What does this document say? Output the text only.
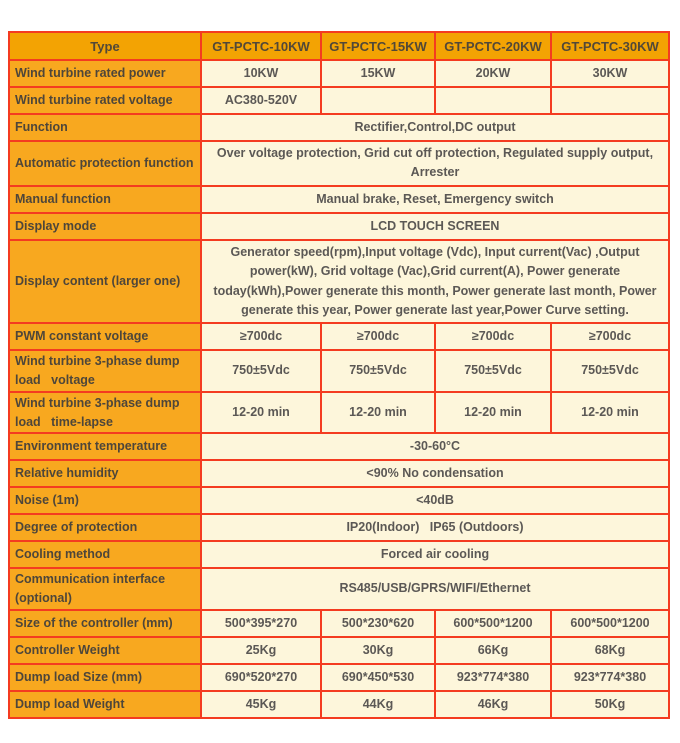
Type	GT-PCTC-10KW	GT-PCTC-15KW	GT-PCTC-20KW	GT-PCTC-30KW
Wind turbine rated power	10KW	15KW	20KW	30KW
Wind turbine rated voltage	AC380-520V			
Function	Rectifier,Control,DC output			
Automatic protection function	Over voltage protection, Grid cut off protection, Regulated supply output, Arrester			
Manual function	Manual brake, Reset, Emergency switch			
Display mode	LCD TOUCH SCREEN			
Display content (larger one)	Generator speed(rpm),Input voltage (Vdc), Input current(Vac) ,Output power(kW), Grid voltage (Vac),Grid current(A), Power generate today(kWh),Power generate this month, Power generate last month, Power generate this year, Power generate last year,Power Curve setting.			
PWM constant voltage	≥700dc	≥700dc	≥700dc	≥700dc
Wind turbine 3-phase dump load   voltage	750±5Vdc	750±5Vdc	750±5Vdc	750±5Vdc
Wind turbine 3-phase dump load   time-lapse	12-20 min	12-20 min	12-20 min	12-20 min
Environment temperature	-30-60°C			
Relative humidity	<90% No condensation			
Noise (1m)	<40dB			
Degree of protection	IP20(Indoor)   IP65 (Outdoors)			
Cooling method	Forced air cooling			
Communication interface (optional)	RS485/USB/GPRS/WIFI/Ethernet			
Size of the controller (mm)	500*395*270	500*230*620	600*500*1200	600*500*1200
Controller Weight	25Kg	30Kg	66Kg	68Kg
Dump load Size (mm)	690*520*270	690*450*530	923*774*380	923*774*380
Dump load Weight	45Kg	44Kg	46Kg	50Kg
